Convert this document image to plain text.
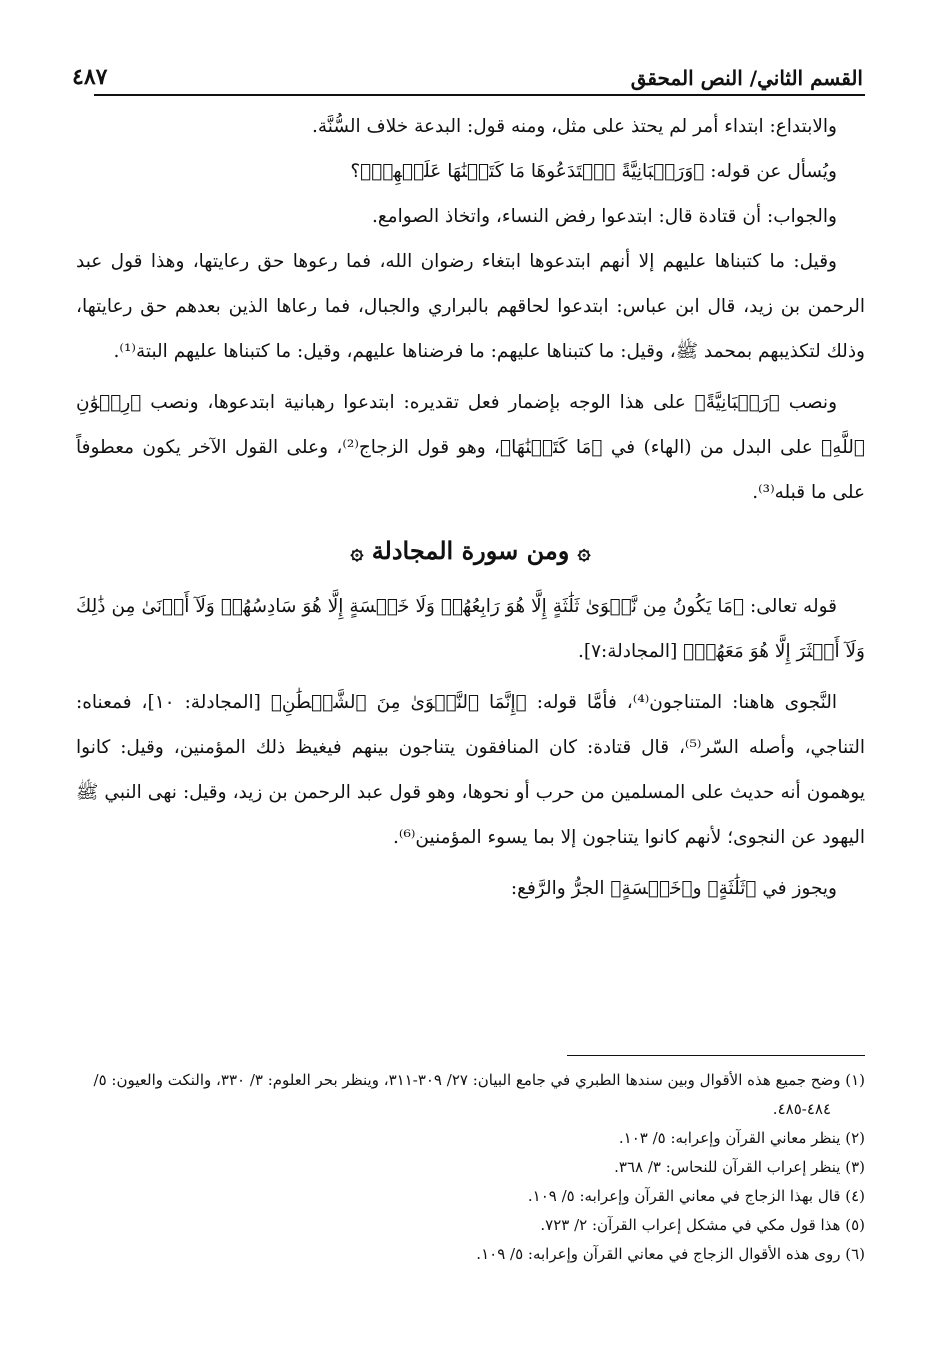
القسم الثاني/ النص المحقق
٤٨٧

والابتداع: ابتداء أمر لم يحتذ على مثل، ومنه قول: البدعة خلاف السُّنَّة.

ويُسأل عن قوله: ﴿وَرَهۡبَانِيَّةً ٱبۡتَدَعُوهَا مَا كَتَبۡنَٰهَا عَلَيۡهِمۡ﴾؟

والجواب: أن قتادة قال: ابتدعوا رفض النساء، واتخاذ الصوامع.

وقيل: ما كتبناها عليهم إلا أنهم ابتدعوها ابتغاء رضوان الله، فما رعوها حق رعايتها، وهذا قول عبد الرحمن بن زيد، قال ابن عباس: ابتدعوا لحاقهم بالبراري والجبال، فما رعاها الذين بعدهم حق رعايتها، وذلك لتكذيبهم بمحمد ﷺ، وقيل: ما كتبناها عليهم: ما فرضناها عليهم، وقيل: ما كتبناها عليهم البتة⁽¹⁾.

ونصب ﴿رَهۡبَانِيَّةً﴾ على هذا الوجه بإضمار فعل تقديره: ابتدعوا رهبانية ابتدعوها، ونصب ﴿رِضۡوَٰنِ ٱللَّهِ﴾ على البدل من (الهاء) في ﴿مَا كَتَبۡنَٰهَا﴾، وهو قول الزجاج⁽²⁾، وعلى القول الآخر يكون معطوفاً على ما قبله⁽³⁾.

۞ ومن سورة المجادلة ۞

قوله تعالى: ﴿مَا يَكُونُ مِن نَّجۡوَىٰ ثَلَٰثَةٍ إِلَّا هُوَ رَابِعُهُمۡ وَلَا خَمۡسَةٍ إِلَّا هُوَ سَادِسُهُمۡ وَلَآ أَدۡنَىٰ مِن ذَٰلِكَ وَلَآ أَكۡثَرَ إِلَّا هُوَ مَعَهُمۡ﴾ [المجادلة:٧].

النَّجوى هاهنا: المتناجون⁽⁴⁾، فأمَّا قوله: ﴿إِنَّمَا ٱلنَّجۡوَىٰ مِنَ ٱلشَّيۡطَٰنِ﴾ [المجادلة: ١٠]، فمعناه: التناجي، وأصله السّر⁽⁵⁾، قال قتادة: كان المنافقون يتناجون بينهم فيغيظ ذلك المؤمنين، وقيل: كانوا يوهمون أنه حديث على المسلمين من حرب أو نحوها، وهو قول عبد الرحمن بن زيد، وقيل: نهى النبي ﷺ اليهود عن النجوى؛ لأنهم كانوا يتناجون إلا بما يسوء المؤمنين⁽⁶⁾.

ويجوز في ﴿ثَلَٰثَةٍ﴾ و﴿خَمۡسَةٍ﴾ الجرُّ والرَّفع:

(١) وضح جميع هذه الأقوال وبين سندها الطبري في جامع البيان: ٢٧/ ٣٠٩-٣١١، وينظر بحر العلوم: ٣/ ٣٣٠، والنكت والعيون: ٥/ ٤٨٤-٤٨٥.

(٢) ينظر معاني القرآن وإعرابه: ٥/ ١٠٣.

(٣) ينظر إعراب القرآن للنحاس: ٣/ ٣٦٨.

(٤) قال بهذا الزجاج في معاني القرآن وإعرابه: ٥/ ١٠٩.

(٥) هذا قول مكي في مشكل إعراب القرآن: ٢/ ٧٢٣.

(٦) روى هذه الأقوال الزجاج في معاني القرآن وإعرابه: ٥/ ١٠٩.
